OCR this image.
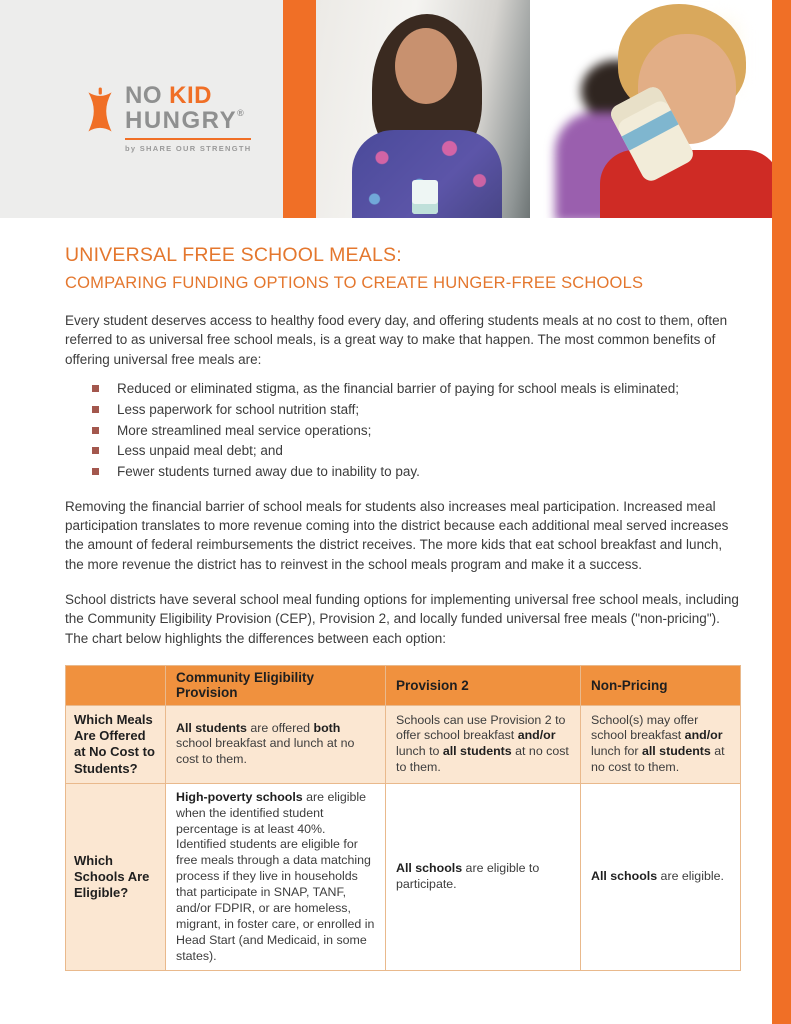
NO KID
HUNGRY®
by SHARE OUR STRENGTH
UNIVERSAL FREE SCHOOL MEALS:
COMPARING FUNDING OPTIONS TO CREATE HUNGER-FREE SCHOOLS

Every student deserves access to healthy food every day, and offering students meals at no cost to them, often referred to as universal free school meals, is a great way to make that happen. The most common benefits of offering universal free meals are:

Reduced or eliminated stigma, as the financial barrier of paying for school meals is eliminated;
Less paperwork for school nutrition staff;
More streamlined meal service operations;
Less unpaid meal debt; and
Fewer students turned away due to inability to pay.

Removing the financial barrier of school meals for students also increases meal participation. Increased meal participation translates to more revenue coming into the district because each additional meal served increases the amount of federal reimbursements the district receives. The more kids that eat school breakfast and lunch, the more revenue the district has to reinvest in the school meals program and make it a success.

School districts have several school meal funding options for implementing universal free school meals, including the Community Eligibility Provision (CEP), Provision 2, and locally funded universal free meals ("non-pricing"). The chart below highlights the differences between each option:

	Community Eligibility Provision	Provision 2	Non-Pricing
Which Meals Are Offered at No Cost to Students?	All students are offered both school breakfast and lunch at no cost to them.	Schools can use Provision 2 to offer school breakfast and/or lunch to all students at no cost to them.	School(s) may offer school breakfast and/or lunch for all students at no cost to them.
Which Schools Are Eligible?	High-poverty schools are eligible when the identified student percentage is at least 40%. Identified students are eligible for free meals through a data matching process if they live in households that participate in SNAP, TANF, and/or FDPIR, or are homeless, migrant, in foster care, or enrolled in Head Start (and Medicaid, in some states).	All schools are eligible to participate.	All schools are eligible.
